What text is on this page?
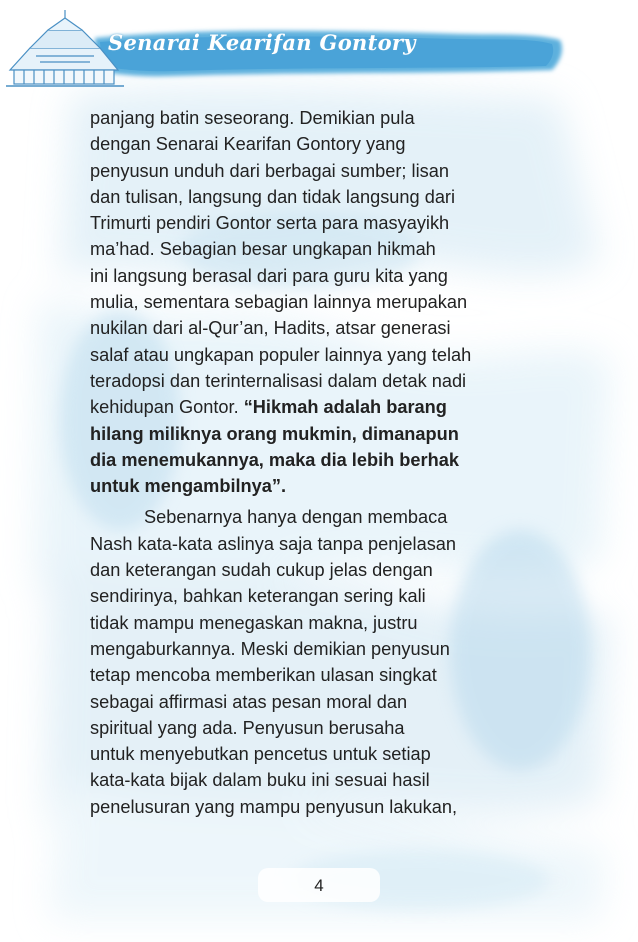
Senarai Kearifan Gontory

panjang batin seseorang. Demikian pula
dengan Senarai Kearifan Gontory yang
penyusun unduh dari berbagai sumber; lisan
dan tulisan, langsung dan tidak langsung dari
Trimurti pendiri Gontor serta para masyayikh
ma’had. Sebagian besar ungkapan hikmah
ini langsung berasal dari para guru kita yang
mulia, sementara sebagian lainnya merupakan
nukilan dari al-Qur’an, Hadits, atsar generasi
salaf atau ungkapan populer lainnya yang telah
teradopsi dan terinternalisasi dalam detak nadi
kehidupan Gontor. “Hikmah adalah barang
hilang miliknya orang mukmin, dimanapun
dia menemukannya, maka dia lebih berhak
untuk mengambilnya”.

Sebenarnya hanya dengan membaca
Nash kata-kata aslinya saja tanpa penjelasan
dan keterangan sudah cukup jelas dengan
sendirinya, bahkan keterangan sering kali
tidak mampu menegaskan makna, justru
mengaburkannya. Meski demikian penyusun
tetap mencoba memberikan ulasan singkat
sebagai affirmasi atas pesan moral dan
spiritual yang ada. Penyusun berusaha
untuk menyebutkan pencetus untuk setiap
kata-kata bijak dalam buku ini sesuai hasil
penelusuran yang mampu penyusun lakukan,

4
